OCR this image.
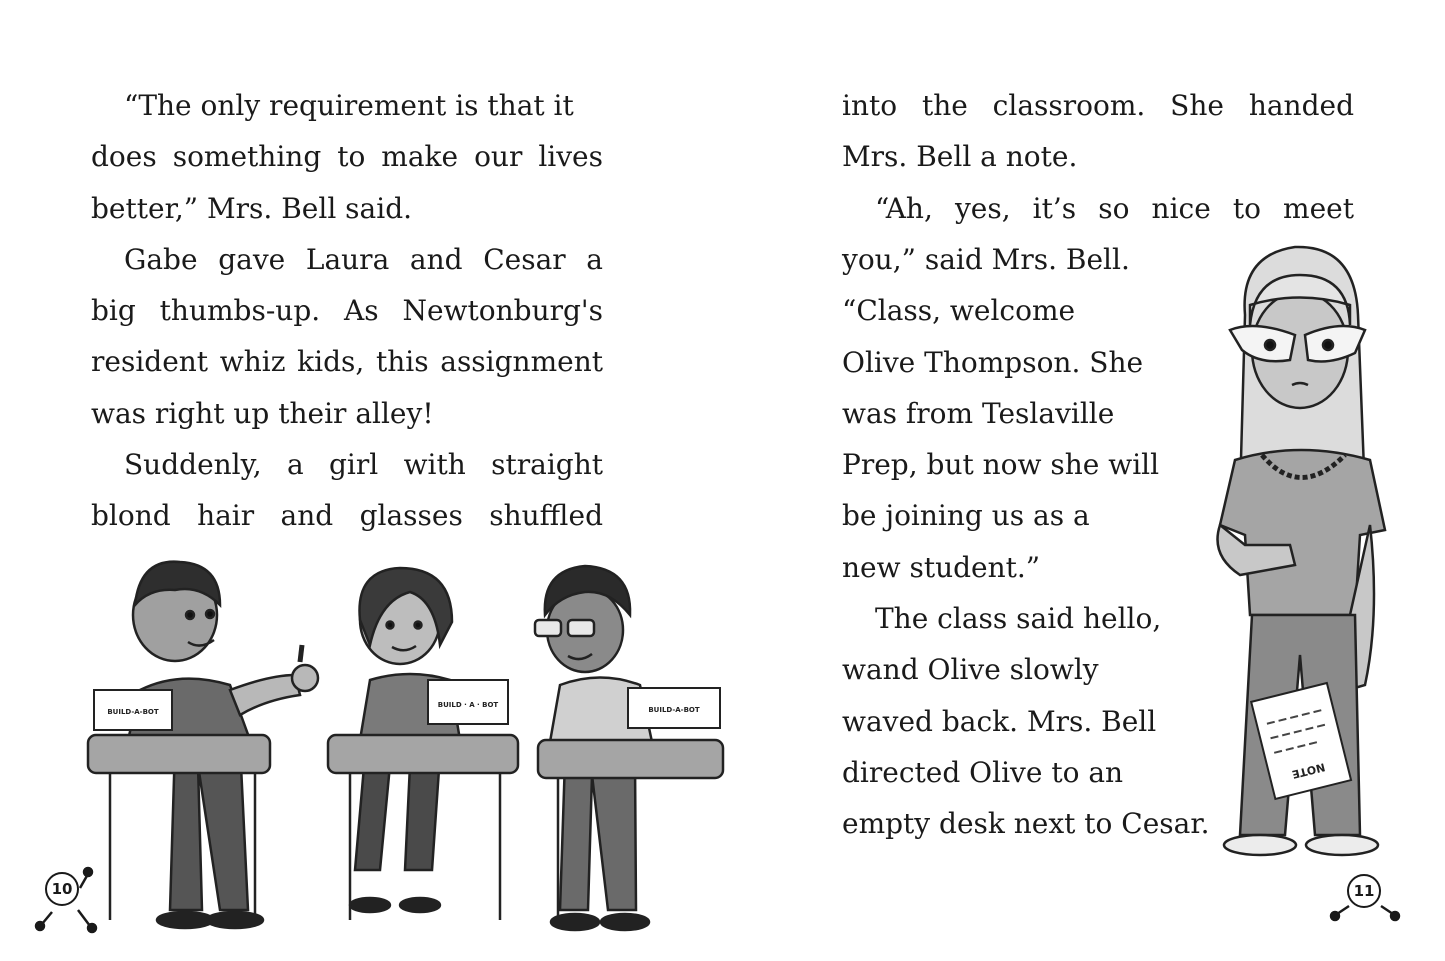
“The only requirement is that it
does something to make our lives
better,” Mrs. Bell said.
Gabe gave Laura and Cesar a
big thumbs-up. As Newtonburg's
resident whiz kids, this assignment
was right up their alley!
Suddenly, a girl with straight
blond hair and glasses shuffled
BUILD-A-BOT
BUILD · A · BOT
BUILD-A-BOT
10
into the classroom. She handed
Mrs. Bell a note.
“Ah, yes, it’s so nice to meet
you,” said Mrs. Bell.
“Class, welcome
Olive Thompson. She
was from Teslaville
Prep, but now she will
be joining us as a
new student.”
The class said hello,
wand Olive slowly
waved back. Mrs. Bell
directed Olive to an
empty desk next to Cesar.
NOTE
11
